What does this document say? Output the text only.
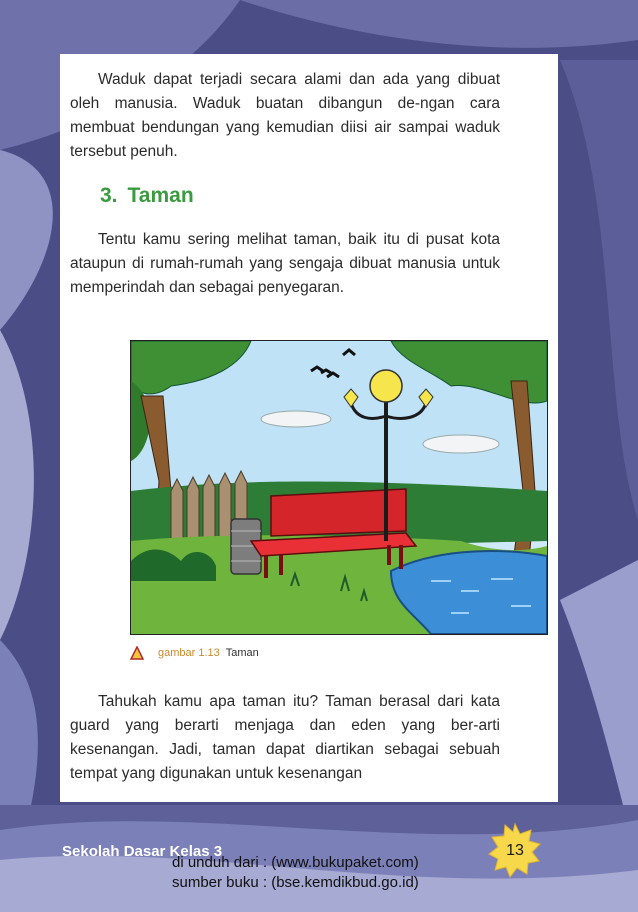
Waduk dapat terjadi secara alami dan ada yang dibuat oleh manusia. Waduk buatan dibangun de-ngan cara membuat bendungan yang kemudian diisi air sampai waduk tersebut penuh.

3. Taman

Tentu kamu sering melihat taman, baik itu di pusat kota ataupun di rumah-rumah yang sengaja dibuat manusia untuk memperindah dan sebagai penyegaran.

gambar 1.13 Taman

Tahukah kamu apa taman itu? Taman berasal dari kata guard yang berarti menjaga dan eden yang ber-arti kesenangan. Jadi, taman dapat diartikan sebagai sebuah tempat yang digunakan untuk kesenangan

Sekolah Dasar Kelas 3
di unduh dari : (www.bukupaket.com)
sumber buku : (bse.kemdikbud.go.id)
13
